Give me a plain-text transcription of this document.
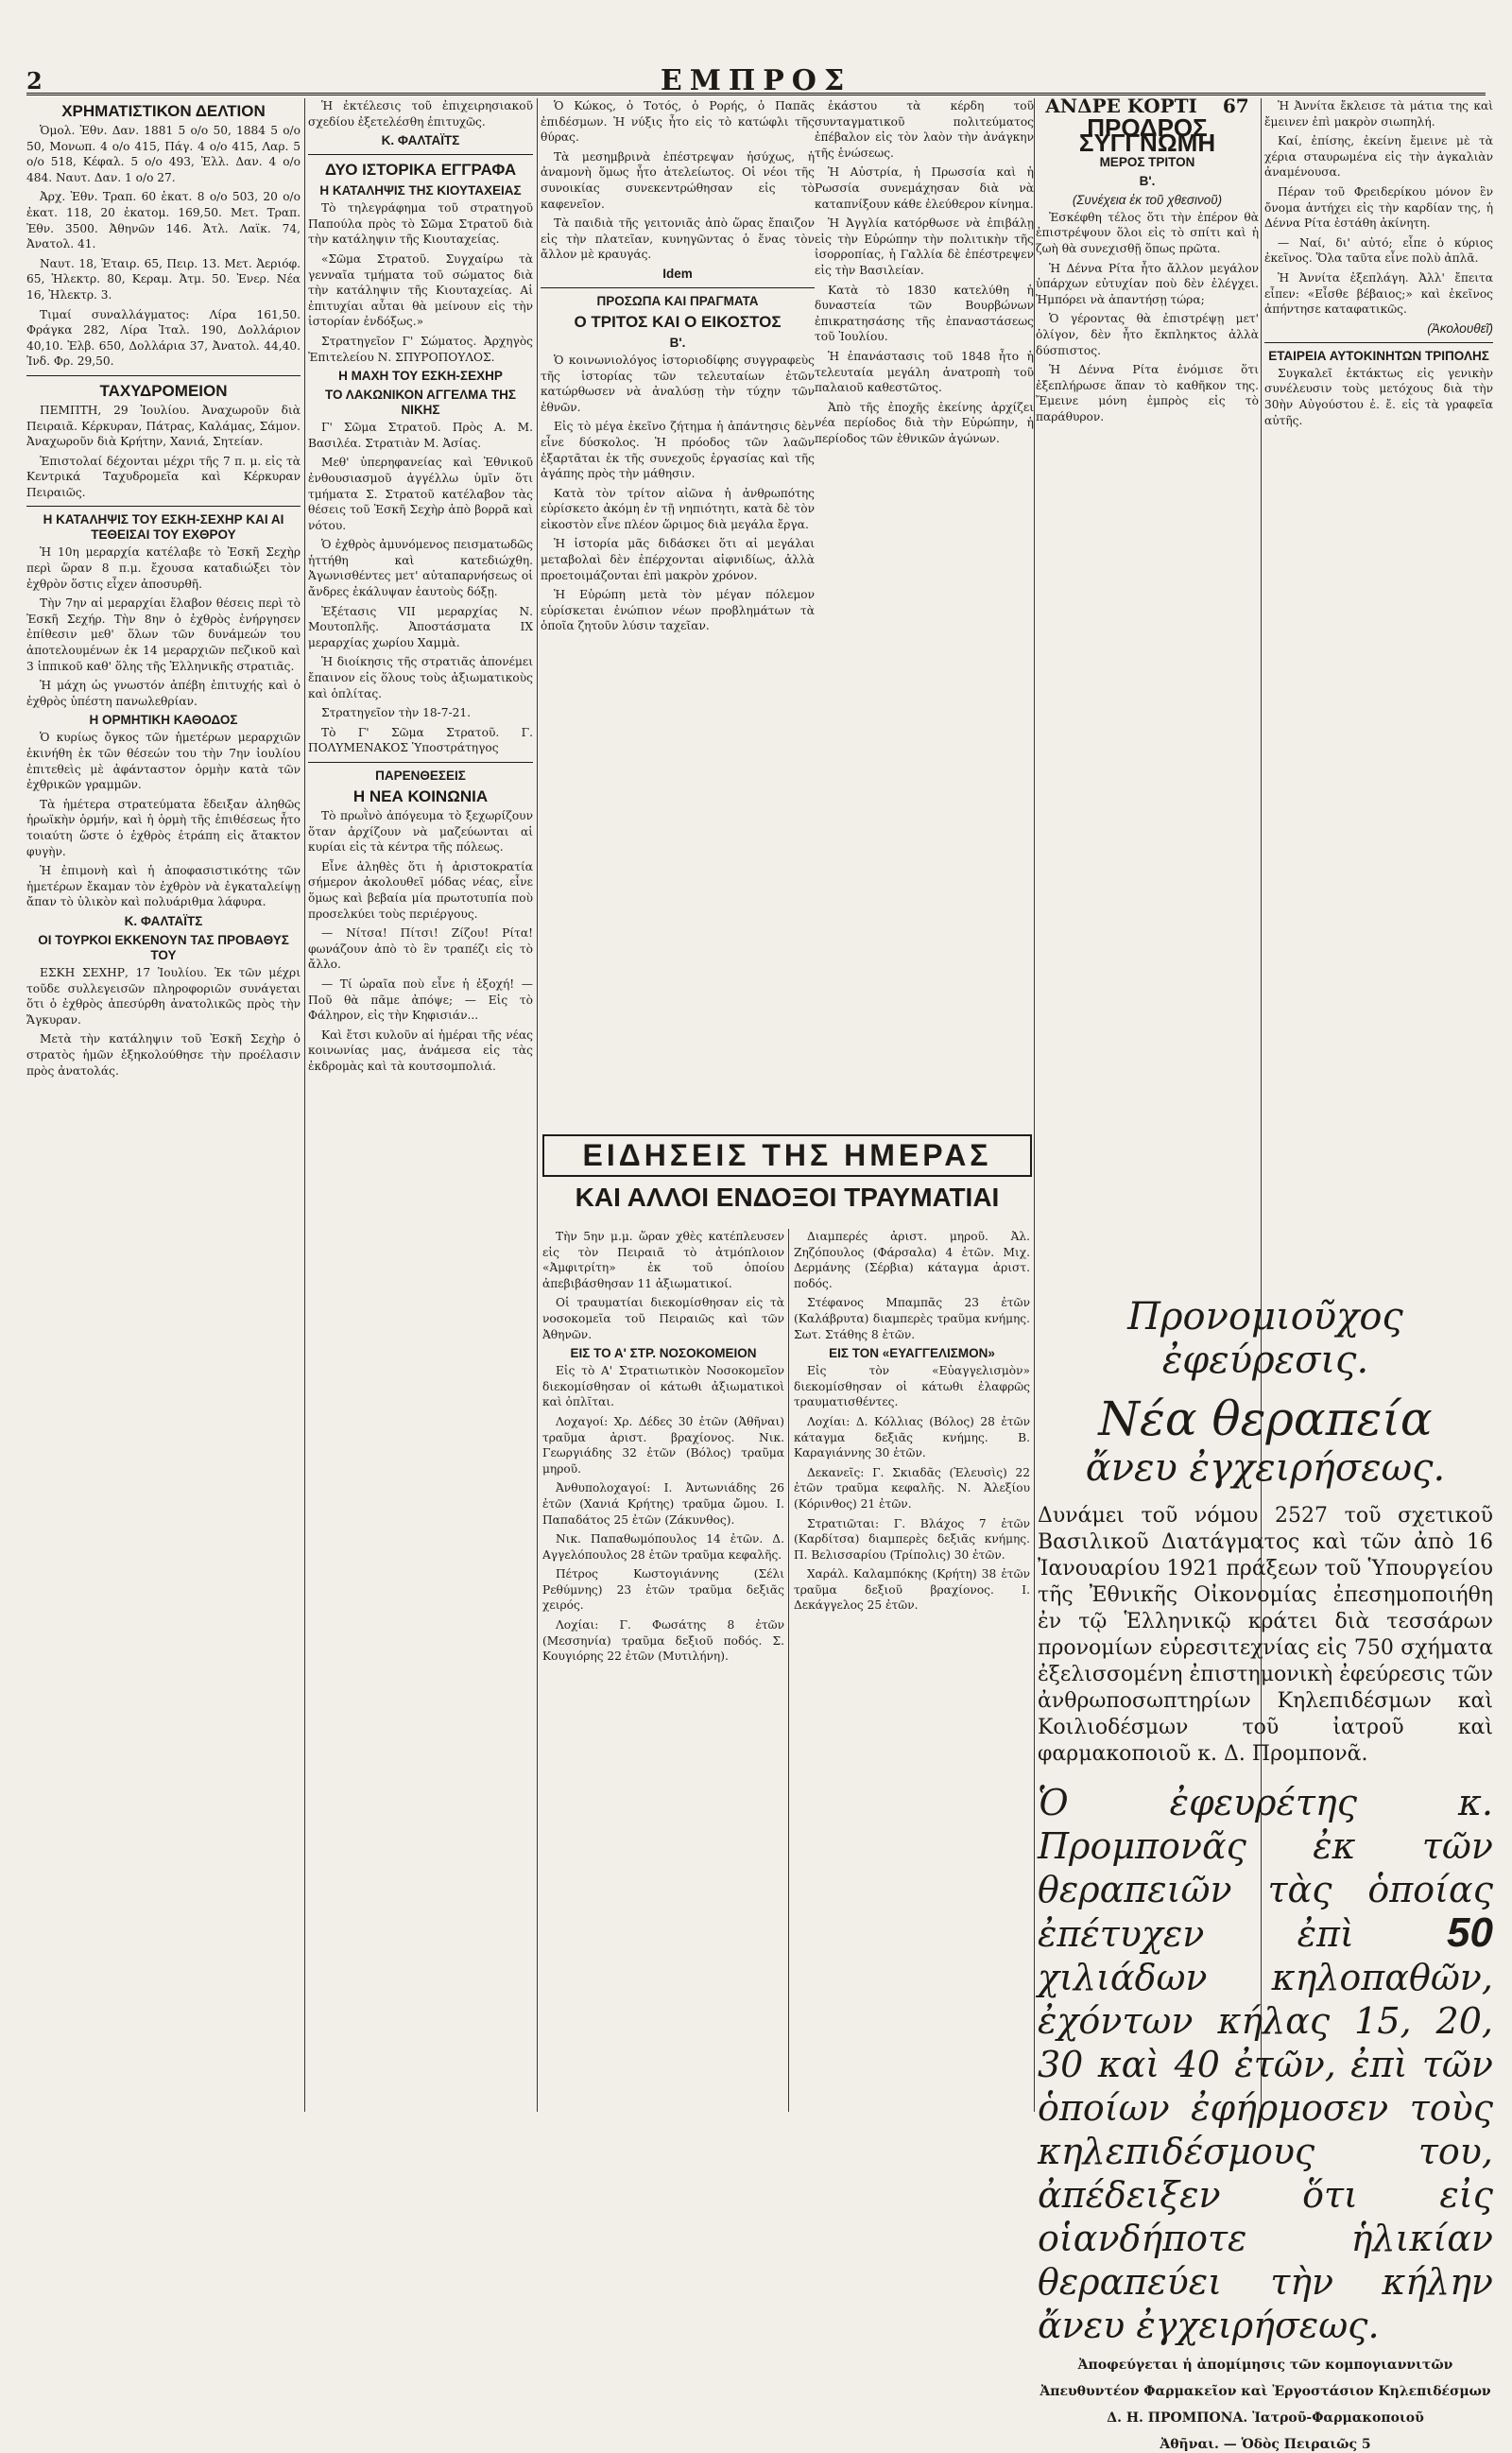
2	ΕΜΠΡΟΣ
ΧΡΗΜΑΤΙΣΤΙΚΟΝ ΔΕΛΤΙΟΝ

Ὁμολ. Ἐθν. Δαν. 1881 5 ο/ο 50, 1884 5 ο/ο 50, Μονωπ. 4 ο/ο 415, Πάγ. 4 ο/ο 415, Λαρ. 5 ο/ο 518, Κέφαλ. 5 ο/ο 493, Ἑλλ. Δαν. 4 ο/ο 484. Ναυτ. Δαν. 1 ο/ο 27.

Ἀρχ. Ἐθν. Τραπ. 60 ἐκατ. 8 ο/ο 503, 20 ο/ο ἐκατ. 118, 20 ἐκατομ. 169,50. Μετ. Τραπ. Ἐθν. 3500. Ἀθηνῶν 146. Ἀτλ. Λαϊκ. 74, Ἀνατολ. 41.

Ναυτ. 18, Ἑταιρ. 65, Πειρ. 13. Μετ. Ἀεριόφ. 65, Ἡλεκτρ. 80, Κεραμ. Ἀτμ. 50. Ἐνερ. Νέα 16, Ἠλεκτρ. 3.

Τιμαί συναλλάγματος: Λίρα 161,50. Φράγκα 282, Λίρα Ἰταλ. 190, Δολλάριον 40,10. Ἐλβ. 650, Δολλάρια 37, Ἀνατολ. 44,40. Ἰνδ. Φρ. 29,50.

ΤΑΧΥΔΡΟΜΕΙΟΝ

ΠΕΜΠΤΗ, 29 Ἰουλίου. Ἀναχωροῦν διὰ Πειραιᾶ. Κέρκυραν, Πάτρας, Καλάμας, Σάμον. Ἀναχωροῦν διὰ Κρήτην, Χανιά, Σητείαν.

Ἐπιστολαί δέχονται μέχρι τῆς 7 π. μ. εἰς τὰ Κεντρικά Ταχυδρομεῖα καὶ Κέρκυραν Πειραιῶς.

Η ΚΑΤΑΛΗΨΙΣ ΤΟΥ ΕΣΚΗ-ΣΕΧΗΡ ΚΑΙ ΑΙ ΤΕΘΕΙΣΑΙ ΤΟΥ ΕΧΘΡΟΥ

Ἡ 10η μεραρχία κατέλαβε τὸ Ἐσκῆ Σεχὴρ περὶ ὥραν 8 π.μ. ἔχουσα καταδιώξει τὸν ἐχθρὸν ὅστις εἶχεν ἀποσυρθῆ.

Τὴν 7ην αἱ μεραρχίαι ἔλαβον θέσεις περὶ τὸ Ἐσκῆ Σεχήρ. Τὴν 8ην ὁ ἐχθρὸς ἐνήργησεν ἐπίθεσιν μεθ' ὅλων τῶν δυνάμεών του ἀποτελουμένων ἐκ 14 μεραρχιῶν πεζικοῦ καὶ 3 ἱππικοῦ καθ' ὅλης τῆς Ἑλληνικῆς στρατιᾶς.

Ἡ μάχη ὡς γνωστόν ἀπέβη ἐπιτυχής καὶ ὁ ἐχθρὸς ὑπέστη πανωλεθρίαν.

Η ΟΡΜΗΤΙΚΗ ΚΑΘΟΔΟΣ

Ὁ κυρίως ὄγκος τῶν ἡμετέρων μεραρχιῶν ἐκινήθη ἐκ τῶν θέσεών του τὴν 7ην ἰουλίου ἐπιτεθεὶς μὲ ἀφάνταστον ὁρμὴν κατὰ τῶν ἐχθρικῶν γραμμῶν.

Τὰ ἡμέτερα στρατεύματα ἔδειξαν ἀληθῶς ἡρωϊκὴν ὁρμήν, καὶ ἡ ὁρμὴ τῆς ἐπιθέσεως ἦτο τοιαύτη ὥστε ὁ ἐχθρὸς ἐτράπη εἰς ἄτακτον φυγὴν.

Ἡ ἐπιμονὴ καὶ ἡ ἀποφασιστικότης τῶν ἡμετέρων ἔκαμαν τὸν ἐχθρὸν νὰ ἐγκαταλείψῃ ἄπαν τὸ ὑλικὸν καὶ πολυάριθμα λάφυρα.

Κ. ΦΑΛΤΑΪΤΣ
ΟΙ ΤΟΥΡΚΟΙ ΕΚΚΕΝΟΥΝ ΤΑΣ ΠΡΟΒΑΘΥΣ ΤΟΥ

ΕΣΚΗ ΣΕΧΗΡ, 17 Ἰουλίου. Ἐκ τῶν μέχρι τοῦδε συλλεγεισῶν πληροφοριῶν συνάγεται ὅτι ὁ ἐχθρὸς ἀπεσύρθη ἀνατολικῶς πρὸς τὴν Ἄγκυραν.

Μετὰ τὴν κατάληψιν τοῦ Ἐσκῆ Σεχὴρ ὁ στρατὸς ἡμῶν ἐξηκολούθησε τὴν προέλασιν πρὸς ἀνατολάς.

Ἡ ἐκτέλεσις τοῦ ἐπιχειρησιακοῦ σχεδίου ἐξετελέσθη ἐπιτυχῶς.

Κ. ΦΑΛΤΑΪΤΣ
ΔΥΟ ΙΣΤΟΡΙΚΑ ΕΓΓΡΑΦΑ
Η ΚΑΤΑΛΗΨΙΣ ΤΗΣ ΚΙΟΥΤΑΧΕΙΑΣ

Τὸ τηλεγράφημα τοῦ στρατηγοῦ Παπούλα πρὸς τὸ Σῶμα Στρατοῦ διὰ τὴν κατάληψιν τῆς Κιουταχείας.

«Σῶμα Στρατοῦ. Συγχαίρω τὰ γενναῖα τμήματα τοῦ σώματος διὰ τὴν κατάληψιν τῆς Κιουταχείας. Αἱ ἐπιτυχίαι αὗται θὰ μείνουν εἰς τὴν ἱστορίαν ἐνδόξως.»

Στρατηγεῖον Γ' Σώματος. Ἀρχηγὸς Ἐπιτελείου Ν. ΣΠΥΡΟΠΟΥΛΟΣ.

Η ΜΑΧΗ ΤΟΥ ΕΣΚΗ-ΣΕΧΗΡ
ΤΟ ΛΑΚΩΝΙΚΟΝ ΑΓΓΕΛΜΑ ΤΗΣ ΝΙΚΗΣ

Γ' Σῶμα Στρατοῦ. Πρὸς Α. Μ. Βασιλέα. Στρατιὰν Μ. Ἀσίας.

Μεθ' ὑπερηφανείας καὶ Ἐθνικοῦ ἐνθουσιασμοῦ ἀγγέλλω ὑμῖν ὅτι τμήματα Σ. Στρατοῦ κατέλαβον τὰς θέσεις τοῦ Ἐσκῆ Σεχὴρ ἀπὸ βορρᾶ καὶ νότου.

Ὁ ἐχθρὸς ἀμυνόμενος πεισματωδῶς ἡττήθη καὶ κατεδιώχθη. Ἀγωνισθέντες μετ' αὐταπαρνήσεως οἱ ἄνδρες ἐκάλυψαν ἑαυτοὺς δόξῃ.

Ἐξέτασις VII μεραρχίας Ν. Μουτοπλῆς. Ἀποστάσματα IX μεραρχίας χωρίου Χαμμὰ.

Ἡ διοίκησις τῆς στρατιᾶς ἀπονέμει ἔπαινον εἰς ὅλους τοὺς ἀξιωματικοὺς καὶ ὁπλίτας.

Στρατηγεῖον τὴν 18-7-21.

Τὸ Γ' Σῶμα Στρατοῦ. Γ. ΠΟΛΥΜΕΝΑΚΟΣ Ὑποστράτηγος

ΠΑΡΕΝΘΕΣΕΙΣ
Η ΝΕΑ ΚΟΙΝΩΝΙΑ

Τὸ πρωῒνὸ ἀπόγευμα τὸ ξεχωρίζουν ὅταν ἀρχίζουν νὰ μαζεύωνται αἱ κυρίαι εἰς τὰ κέντρα τῆς πόλεως.

Εἶνε ἀληθὲς ὅτι ἡ ἀριστοκρατία σήμερον ἀκολουθεῖ μόδας νέας, εἶνε ὅμως καὶ βεβαία μία πρωτοτυπία ποὺ προσελκύει τοὺς περιέργους.

— Νίτσα! Πίτσι! Ζίζου! Ρίτα! φωνάζουν ἀπὸ τὸ ἓν τραπέζι εἰς τὸ ἄλλο.

— Τί ὡραῖα ποὺ εἶνε ἡ ἐξοχή! — Ποῦ θὰ πᾶμε ἀπόψε; — Εἰς τὸ Φάληρον, εἰς τὴν Κηφισιάν...

Καὶ ἔτσι κυλοῦν αἱ ἡμέραι τῆς νέας κοινωνίας μας, ἀνάμεσα εἰς τὰς ἐκδρομὰς καὶ τὰ κουτσομπολιά.

Ὁ Κώκος, ὁ Τοτός, ὁ Ρορής, ὁ Παπᾶς ἐπιδέσμων. Ἡ νύξις ἦτο εἰς τὸ κατώφλι τῆς θύρας.

Τὰ μεσημβρινὰ ἐπέστρεψαν ἡσύχως, ἡ ἀναμονὴ ὅμως ἦτο ἀτελείωτος. Οἱ νέοι τῆς συνοικίας συνεκεντρώθησαν εἰς τὸ καφενεῖον.

Τὰ παιδιὰ τῆς γειτονιᾶς ἀπὸ ὥρας ἔπαιζον εἰς τὴν πλατεῖαν, κυνηγῶντας ὁ ἕνας τὸν ἄλλον μὲ κραυγάς.

Idem
ΠΡΟΣΩΠΑ ΚΑΙ ΠΡΑΓΜΑΤΑ
Ο ΤΡΙΤΟΣ ΚΑΙ Ο ΕΙΚΟΣΤΟΣ
Β'.

Ὁ κοινωνιολόγος ἱστοριοδίφης συγγραφεὺς τῆς ἱστορίας τῶν τελευταίων ἐτῶν κατώρθωσεν νὰ ἀναλύσῃ τὴν τύχην τῶν ἐθνῶν.

Εἰς τὸ μέγα ἐκεῖνο ζήτημα ἡ ἀπάντησις δὲν εἶνε δύσκολος. Ἡ πρόοδος τῶν λαῶν ἐξαρτᾶται ἐκ τῆς συνεχοῦς ἐργασίας καὶ τῆς ἀγάπης πρὸς τὴν μάθησιν.

Κατὰ τὸν τρίτον αἰῶνα ἡ ἀνθρωπότης εὑρίσκετο ἀκόμη ἐν τῇ νηπιότητι, κατὰ δὲ τὸν εἰκοστὸν εἶνε πλέον ὥριμος διὰ μεγάλα ἔργα.

Ἡ ἱστορία μᾶς διδάσκει ὅτι αἱ μεγάλαι μεταβολαὶ δὲν ἐπέρχονται αἰφνιδίως, ἀλλὰ προετοιμάζονται ἐπὶ μακρὸν χρόνον.

Ἡ Εὐρώπη μετὰ τὸν μέγαν πόλεμον εὑρίσκεται ἐνώπιον νέων προβλημάτων τὰ ὁποῖα ζητοῦν λύσιν ταχεῖαν.

ἑκάστου τὰ κέρδη τοῦ συνταγματικοῦ πολιτεύματος ἐπέβαλον εἰς τὸν λαὸν τὴν ἀνάγκην τῆς ἑνώσεως.

Ἡ Αὐστρία, ἡ Πρωσσία καὶ ἡ Ρωσσία συνεμάχησαν διὰ νὰ καταπνίξουν κάθε ἐλεύθερον κίνημα.

Ἡ Ἀγγλία κατόρθωσε νὰ ἐπιβάλῃ εἰς τὴν Εὐρώπην τὴν πολιτικὴν τῆς ἰσορροπίας, ἡ Γαλλία δὲ ἐπέστρεψεν εἰς τὴν Βασιλείαν.

Κατὰ τὸ 1830 κατελύθη ἡ δυναστεία τῶν Βουρβώνων ἐπικρατησάσης τῆς ἐπαναστάσεως τοῦ Ἰουλίου.

Ἡ ἐπανάστασις τοῦ 1848 ἦτο ἡ τελευταία μεγάλη ἀνατροπὴ τοῦ παλαιοῦ καθεστῶτος.

Ἀπὸ τῆς ἐποχῆς ἐκείνης ἀρχίζει νέα περίοδος διὰ τὴν Εὐρώπην, ἡ περίοδος τῶν ἐθνικῶν ἀγώνων.

ΕΙΔΗΣΕΙΣ ΤΗΣ ΗΜΕΡΑΣ
ΚΑΙ ΑΛΛΟΙ ΕΝΔΟΞΟΙ ΤΡΑΥΜΑΤΙΑΙ

Τὴν 5ην μ.μ. ὥραν χθὲς κατέπλευσεν εἰς τὸν Πειραιᾶ τὸ ἀτμόπλοιον «Ἀμφιτρίτη» ἐκ τοῦ ὁποίου ἀπεβιβάσθησαν 11 ἀξιωματικοί.

Οἱ τραυματίαι διεκομίσθησαν εἰς τὰ νοσοκομεῖα τοῦ Πειραιῶς καὶ τῶν Ἀθηνῶν.

ΕΙΣ ΤΟ Α' ΣΤΡ. ΝΟΣΟΚΟΜΕΙΟΝ

Εἰς τὸ Α' Στρατιωτικὸν Νοσοκομεῖον διεκομίσθησαν οἱ κάτωθι ἀξιωματικοὶ καὶ ὁπλῖται.

Λοχαγοί: Χρ. Δέδες 30 ἐτῶν (Ἀθῆναι) τραῦμα ἀριστ. βραχίονος. Νικ. Γεωργιάδης 32 ἐτῶν (Βόλος) τραῦμα μηροῦ.

Ἀνθυπολοχαγοί: Ι. Ἀντωνιάδης 26 ἐτῶν (Χανιά Κρήτης) τραῦμα ὤμου. Ι. Παπαδάτος 25 ἐτῶν (Ζάκυνθος).

Νικ. Παπαθωμόπουλος 14 ἐτῶν. Δ. Αγγελόπουλος 28 ἐτῶν τραῦμα κεφαλῆς.

Πέτρος Κωστογιάννης (Σέλι Ρεθύμνης) 23 ἐτῶν τραῦμα δεξιᾶς χειρός.

Λοχίαι: Γ. Φωσάτης 8 ἐτῶν (Μεσσηνία) τραῦμα δεξιοῦ ποδός. Σ. Κουγιόρης 22 ἐτῶν (Μυτιλήνη).

Διαμπερές ἀριστ. μηροῦ. Ἀλ. Ζηζόπουλος (Φάρσαλα) 4 ἐτῶν. Μιχ. Δερμάνης (Σέρβια) κάταγμα ἀριστ. ποδός.

Στέφανος Μπαμπᾶς 23 ἐτῶν (Καλάβρυτα) διαμπερὲς τραῦμα κνήμης. Σωτ. Στάθης 8 ἐτῶν.

ΕΙΣ ΤΟΝ «ΕΥΑΓΓΕΛΙΣΜΟΝ»

Εἰς τὸν «Εὐαγγελισμὸν» διεκομίσθησαν οἱ κάτωθι ἐλαφρῶς τραυματισθέντες.

Λοχίαι: Δ. Κόλλιας (Βόλος) 28 ἐτῶν κάταγμα δεξιᾶς κνήμης. Β. Καραγιάννης 30 ἐτῶν.

Δεκανεῖς: Γ. Σκιαδᾶς (Ἐλευσὶς) 22 ἐτῶν τραῦμα κεφαλῆς. Ν. Ἀλεξίου (Κόρινθος) 21 ἐτῶν.

Στρατιῶται: Γ. Βλάχος 7 ἐτῶν (Καρδίτσα) διαμπερὲς δεξιᾶς κνήμης. Π. Βελισσαρίου (Τρίπολις) 30 ἐτῶν.

Χαράλ. Καλαμπόκης (Κρήτη) 38 ἐτῶν τραῦμα δεξιοῦ βραχίονος. Ι. Δεκάγγελος 25 ἐτῶν.

ΑΝΔΡΕ ΚΟΡΤΙ 67
ΠΡΟΔΡΟΣ ΣΥΓΓΝΩΜΗ
ΜΕΡΟΣ ΤΡΙΤΟΝ
Β'.
(Συνέχεια ἐκ τοῦ χθεσινοῦ)

Ἐσκέφθη τέλος ὅτι τὴν ἐπέρον θὰ ἐπιστρέψουν ὅλοι εἰς τὸ σπίτι καὶ ἡ ζωὴ θὰ συνεχισθῇ ὅπως πρῶτα.

Ἡ Δέννα Ρίτα ἦτο ἄλλον μεγάλον ὑπάρχων εὐτυχίαν ποὺ δὲν ἐλέγχει. Ἠμπόρει νὰ ἀπαντήσῃ τώρα;

Ὁ γέροντας θὰ ἐπιστρέψῃ μετ' ὀλίγον, δὲν ἦτο ἔκπληκτος ἀλλὰ δύσπιστος.

Ἡ Δέννα Ρίτα ἐνόμισε ὅτι ἐξεπλήρωσε ἅπαν τὸ καθῆκον της. Ἔμεινε μόνη ἐμπρὸς εἰς τὸ παράθυρον.

Ἡ Ἀννίτα ἔκλεισε τὰ μάτια της καὶ ἔμεινεν ἐπὶ μακρὸν σιωπηλή.

Καί, ἐπίσης, ἐκείνη ἔμεινε μὲ τὰ χέρια σταυρωμένα εἰς τὴν ἀγκαλιὰν ἀναμένουσα.

Πέραν τοῦ Φρειδερίκου μόνον ἓν ὄνομα ἀντήχει εἰς τὴν καρδίαν της, ἡ Δέννα Ρίτα ἐστάθη ἀκίνητη.

— Ναί, δι' αὐτό; εἶπε ὁ κύριος ἐκεῖνος. Ὅλα ταῦτα εἶνε πολὺ ἀπλᾶ.

Ἡ Ἀννίτα ἐξεπλάγη. Ἀλλ' ἔπειτα εἶπεν: «Εἶσθε βέβαιος;» καὶ ἐκεῖνος ἀπήντησε καταφατικῶς.

(Ἀκολουθεῖ)
ΕΤΑΙΡΕΙΑ ΑΥΤΟΚΙΝΗΤΩΝ ΤΡΙΠΟΛΗΣ

Συγκαλεῖ ἐκτάκτως εἰς γενικὴν συνέλευσιν τοὺς μετόχους διὰ τὴν 30ὴν Αὐγούστου ἐ. ἔ. εἰς τὰ γραφεῖα αὐτῆς.

Προνομιοῦχος ἐφεύρεσις.
Νέα θεραπεία
ἄνευ ἐγχειρήσεως.
Δυνάμει τοῦ νόμου 2527 τοῦ σχετικοῦ Βασιλικοῦ Διατάγματος καὶ τῶν ἀπὸ 16 Ἰανουαρίου 1921 πράξεων τοῦ Ὑπουργείου τῆς Ἐθνικῆς Οἰκονομίας ἐπεσημοποιήθη ἐν τῷ Ἑλληνικῷ κράτει διὰ τεσσάρων προνομίων εὑρεσιτεχνίας εἰς 750 σχήματα ἐξελισσομένη ἐπιστημονικὴ ἐφεύρεσις τῶν ἀνθρωποσωπτηρίων Κηλεπιδέσμων καὶ Κοιλιοδέσμων τοῦ ἰατροῦ καὶ φαρμακοποιοῦ κ. Δ. Προμπονᾶ.
Ὁ ἐφευρέτης κ. Προμπονᾶς ἐκ τῶν θεραπειῶν τὰς ὁποίας ἐπέτυχεν ἐπὶ 50 χιλιάδων κηλοπαθῶν, ἐχόντων κήλας 15, 20, 30 καὶ 40 ἐτῶν, ἐπὶ τῶν ὁποίων ἐφήρμοσεν τοὺς κηλεπιδέσμους του, ἀπέδειξεν ὅτι εἰς οἱανδήποτε ἡλικίαν θεραπεύει τὴν κήλην ἄνευ ἐγχειρήσεως.
Ἀποφεύγεται ἡ ἀπομίμησις τῶν κομπογιαννιτῶν
Ἀπευθυντέον Φαρμακεῖον καὶ Ἐργοστάσιον Κηλεπιδέσμων
Δ. Η. ΠΡΟΜΠΟΝΑ. Ἰατροῦ-Φαρμακοποιοῦ
Ἀθῆναι. — Ὁδὸς Πειραιῶς 5
